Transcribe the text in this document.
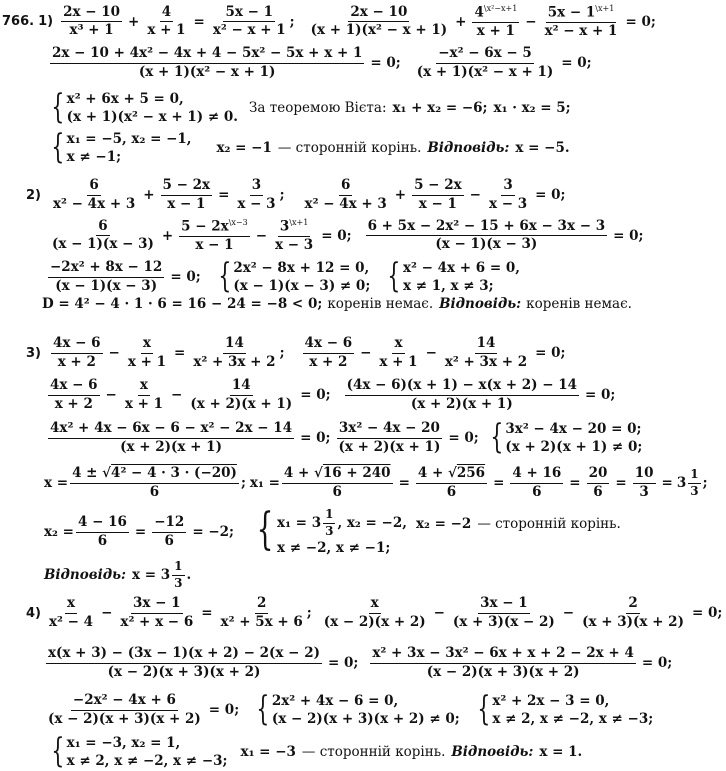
766. $1) \frac{2x - 10}{\text{x³ + 1}} + \frac{4}{x + 1} = \frac{5x - 1}{\text{x² − x + 1}}$ ; $\frac{2x - 10}{\text{(x + 1)(x² − x + 1)}} + \frac{4^{\backslash x^2-x+1}}{x + 1} - \frac{5x - 1^{\backslash x+1}}{\text{x² − x + 1}} = 0$;
$\frac{\text{2x − 10 + 4x² − 4x + 4 − 5x² − 5x + x + 1}}{\text{(x + 1)(x² − x + 1)}} = 0$; $\frac{\text{−x² − 6x − 5}}{\text{(x + 1)(x² − x + 1)}} = 0$;
{ x² + 6x + 5 = 0,
(x + 1)(x² − x + 1) ≠ 0.
За теоремою Вієта: x₁ + x₂ = −6; x₁ · x₂ = 5;
{ x₁ = −5, x₂ = −1,
x ≠ −1;
x₂ = −1 — сторонній корінь. Відповідь: x = −5.
$2) \frac{6}{\text{x² − 4x + 3}} + \frac{5 - 2x}{x - 1} = \frac{3}{x - 3}$ ; $\frac{6}{\text{x² − 4x + 3}} + \frac{5 - 2x}{x - 1} - \frac{3}{x - 3} = 0$;
$\frac{6}{(x - 1)(x - 3)} + \frac{5 - 2x^{\backslash x-3}}{x - 1} - \frac{3^{\backslash x+1}}{x - 3} = 0$; $\frac{\text{6 + 5x − 2x² − 15 + 6x − 3x − 3}}{(x - 1)(x - 3)} = 0$;
$\frac{\text{−2x² + 8x − 12}}{(x - 1)(x - 3)} = 0$; { 2x² − 8x + 12 = 0,
(x − 1)(x − 3) ≠ 0; { x² − 4x + 6 = 0,
x ≠ 1, x ≠ 3;
D = 4² − 4 · 1 · 6 = 16 − 24 = −8 < 0; коренів немає. Відповідь: коренів немає.
$3) \frac{4x - 6}{x + 2} - \frac{x}{x + 1} = \frac{14}{\text{x² + 3x + 2}}$ ; $\frac{4x - 6}{x + 2} - \frac{x}{x + 1} - \frac{14}{\text{x² + 3x + 2}} = 0$;
$\frac{4x - 6}{x + 2} - \frac{x}{x + 1} - \frac{14}{(x + 2)(x + 1)} = 0$; $\frac{(4x - 6)(x + 1) - x(x + 2) - 14}{(x + 2)(x + 1)} = 0$;
$\frac{\text{4x² + 4x − 6x − 6 − x² − 2x − 14}}{(x + 2)(x + 1)} = 0$; $\frac{\text{3x² − 4x − 20}}{(x + 2)(x + 1)} = 0$; { 3x² − 4x − 20 = 0;
(x + 2)(x + 1) ≠ 0;
$x = \frac{\text{4 ± √4² − 4 · 3 · (−20)}}{6}$ ; $x_1 = \frac{4 + √16 + 240}{6} = \frac{4 + √256}{6} = \frac{4 + 16}{6} = \frac{20}{6} = \frac{10}{3} = 3 \frac{1}{3}$ ;
$x_2 = \frac{4 - 16}{6} = \frac{-12}{6} = -2$; { $x_1 = 3 \frac{1}{3}$ , x₂ = −2,
x ≠ −2, x ≠ −1;
x₂ = −2 — сторонній корінь.
Відповідь: $x = 3 \frac{1}{3}$ .
$4) \frac{x}{\text{x² − 4}} - \frac{3x - 1}{\text{x² + x − 6}} = \frac{2}{\text{x² + 5x + 6}}$ ; $\frac{x}{(x - 2)(x + 2)} - \frac{3x - 1}{(x + 3)(x - 2)} - \frac{2}{(x + 3)(x + 2)} = 0$;
$\frac{x(x + 3) - (3x - 1)(x + 2) - 2(x - 2)}{(x - 2)(x + 3)(x + 2)} = 0$; $\frac{\text{x² + 3x − 3x² − 6x + x + 2 − 2x + 4}}{(x - 2)(x + 3)(x + 2)} = 0$;
$\frac{\text{−2x² − 4x + 6}}{(x - 2)(x + 3)(x + 2)} = 0$; { 2x² + 4x − 6 = 0,
(x − 2)(x + 3)(x + 2) ≠ 0; { x² + 2x − 3 = 0,
x ≠ 2, x ≠ −2, x ≠ −3;
{ x₁ = −3, x₂ = 1,
x ≠ 2, x ≠ −2, x ≠ −3;
x₁ = −3 — сторонній корінь. Відповідь: x = 1.
